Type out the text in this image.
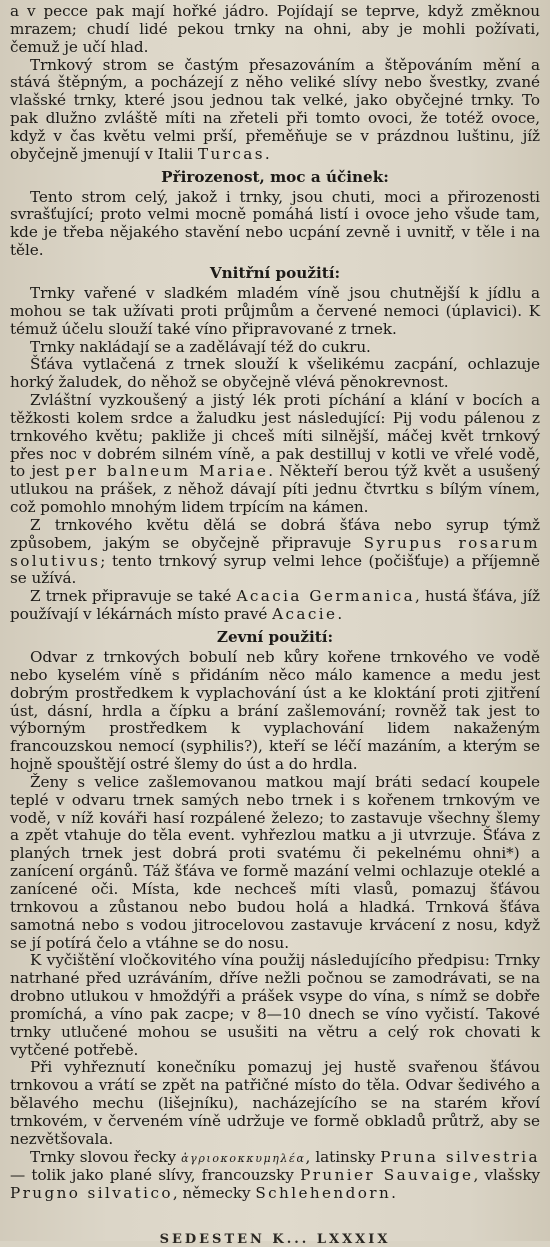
a v pecce pak mají hořké jádro. Pojídají se teprve, když změknou mrazem; chudí lidé pekou trnky na ohni, aby je mohli požívati, čemuž je učí hlad.

Trnkový strom se častým přesazováním a štěpováním mění a stává štěpným, a pocházejí z něho veliké slívy nebo švestky, zvané vlašské trnky, které jsou jednou tak velké, jako obyčejné trnky. To pak dlužno zvláště míti na zřeteli při tomto ovoci, že totéž ovoce, když v čas květu velmi prší, přeměňuje se v prázdnou luštinu, jíž obyčejně jmenují v Italii Turcas.

Přirozenost, moc a účinek:

Tento strom celý, jakož i trnky, jsou chuti, moci a přirozenosti svrašťující; proto velmi mocně pomáhá listí i ovoce jeho všude tam, kde je třeba nějakého stavění nebo ucpání zevně i uvnitř, v těle i na těle.

Vnitřní použití:

Trnky vařené v sladkém mladém víně jsou chutnější k jídlu a mohou se tak užívati proti průjmům a červené nemoci (úplavici). K témuž účelu slouží také víno připravované z trnek.

Trnky nakládají se a zadělávají též do cukru.

Šťáva vytlačená z trnek slouží k všelikému zacpání, ochlazuje horký žaludek, do něhož se obyčejně vlévá pěnokrevnost.

Zvláštní vyzkoušený a jistý lék proti píchání a klání v bocích a těžkosti kolem srdce a žaludku jest následující: Pij vodu pálenou z trnkového květu; pakliže ji chceš míti silnější, máčej květ trnkový přes noc v dobrém silném víně, a pak destilluj v kotli ve vřelé vodě, to jest per balneum Mariae. Někteří berou týž květ a usušený utlukou na prášek, z něhož dávají píti jednu čtvrtku s bílým vínem, což pomohlo mnohým lidem trpícím na kámen.

Z trnkového květu dělá se dobrá šťáva nebo syrup týmž způsobem, jakým se obyčejně připravuje Syrupus rosarum solutivus; tento trnkový syrup velmi lehce (počišťuje) a příjemně se užívá.

Z trnek připravuje se také Acacia Germanica, hustá šťáva, jíž používají v lékárnách místo pravé Acacie.

Zevní použití:

Odvar z trnkových bobulí neb kůry kořene trnkového ve vodě nebo kyselém víně s přidáním něco málo kamence a medu jest dobrým prostředkem k vyplachování úst a ke kloktání proti zjitření úst, dásní, hrdla a čípku a brání zašlemování; rovněž tak jest to výborným prostředkem k vyplachování lidem nakaženým francouzskou nemocí (syphilis?), kteří se léčí mazáním, a kterým se hojně spouštějí ostré šlemy do úst a do hrdla.

Ženy s velice zašlemovanou matkou mají bráti sedací koupele teplé v odvaru trnek samých nebo trnek i s kořenem trnkovým ve vodě, v níž kováři hasí rozpálené železo; to zastavuje všechny šlemy a zpět vtahuje do těla event. vyhřezlou matku a ji utvrzuje. Šťáva z planých trnek jest dobrá proti svatému či pekelnému ohni*) a zanícení orgánů. Táž šťáva ve formě mazání velmi ochlazuje oteklé a zanícené oči. Místa, kde nechceš míti vlasů, pomazuj šťávou trnkovou a zůstanou nebo budou holá a hladká. Trnková šťáva samotná nebo s vodou jitrocelovou zastavuje krvácení z nosu, když se jí potírá čelo a vtáhne se do nosu.

K vyčištění vločkovitého vína použij následujícího předpisu: Trnky natrhané před uzráváním, dříve nežli počnou se zamodrávati, se na drobno utlukou v hmoždýři a prášek vsype do vína, s nímž se dobře promíchá, a víno pak zacpe; v 8—10 dnech se víno vyčistí. Takové trnky utlučené mohou se usušiti na větru a celý rok chovati k vytčené potřebě.

Při vyhřeznutí konečníku pomazuj jej hustě svařenou šťávou trnkovou a vrátí se zpět na patřičné místo do těla. Odvar šedivého a bělavého mechu (lišejníku), nacházejícího se na starém křoví trnkovém, v červeném víně udržuje ve formě obkladů průtrž, aby se nezvětšovala.

Trnky slovou řecky ἀγριοκοκκυμηλέα, latinsky Pruna silvestria — tolik jako plané slívy, francouzsky Prunier Sauvaige, vlašsky Prugno silvatico, německy Schlehendorn.

SEDESTEN K... LXXXIX
